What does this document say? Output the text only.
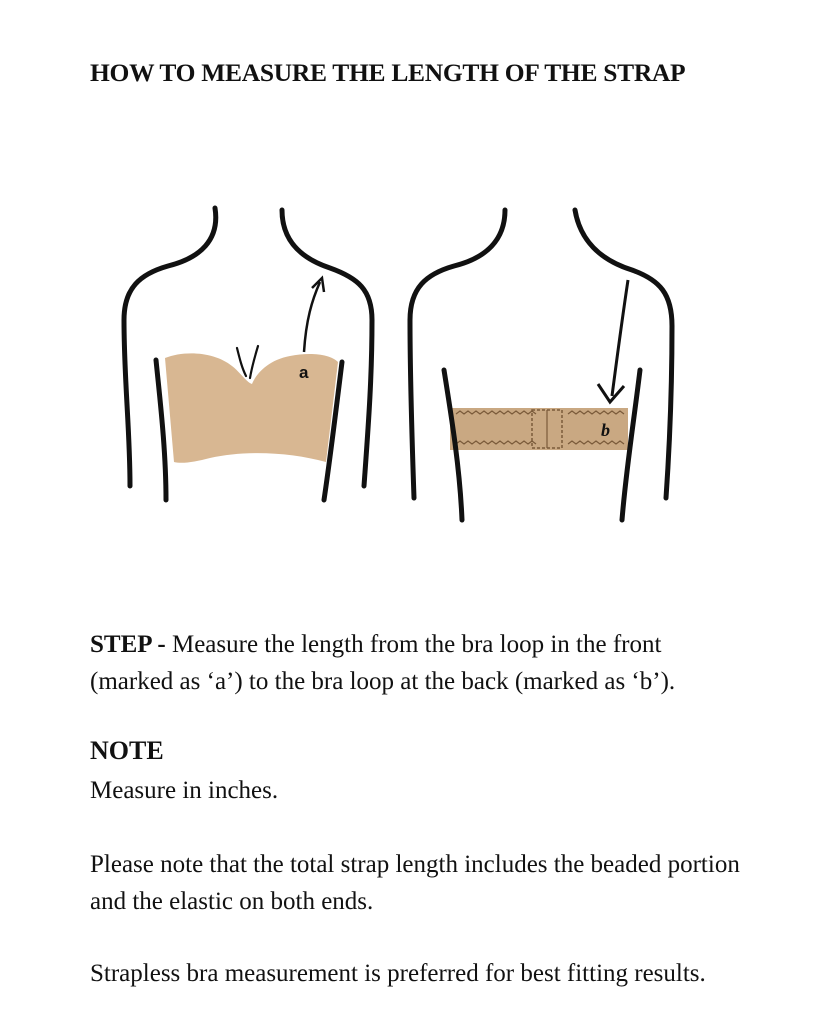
HOW TO MEASURE THE LENGTH OF THE STRAP
a
b
STEP - Measure the length from the bra loop in the front (marked as ‘a’) to the bra loop at the back (marked as ‘b’).
NOTE
Measure in inches.
Please note that the total strap length includes the beaded portion and the elastic on both ends.
Strapless bra measurement is preferred for best fitting results.
